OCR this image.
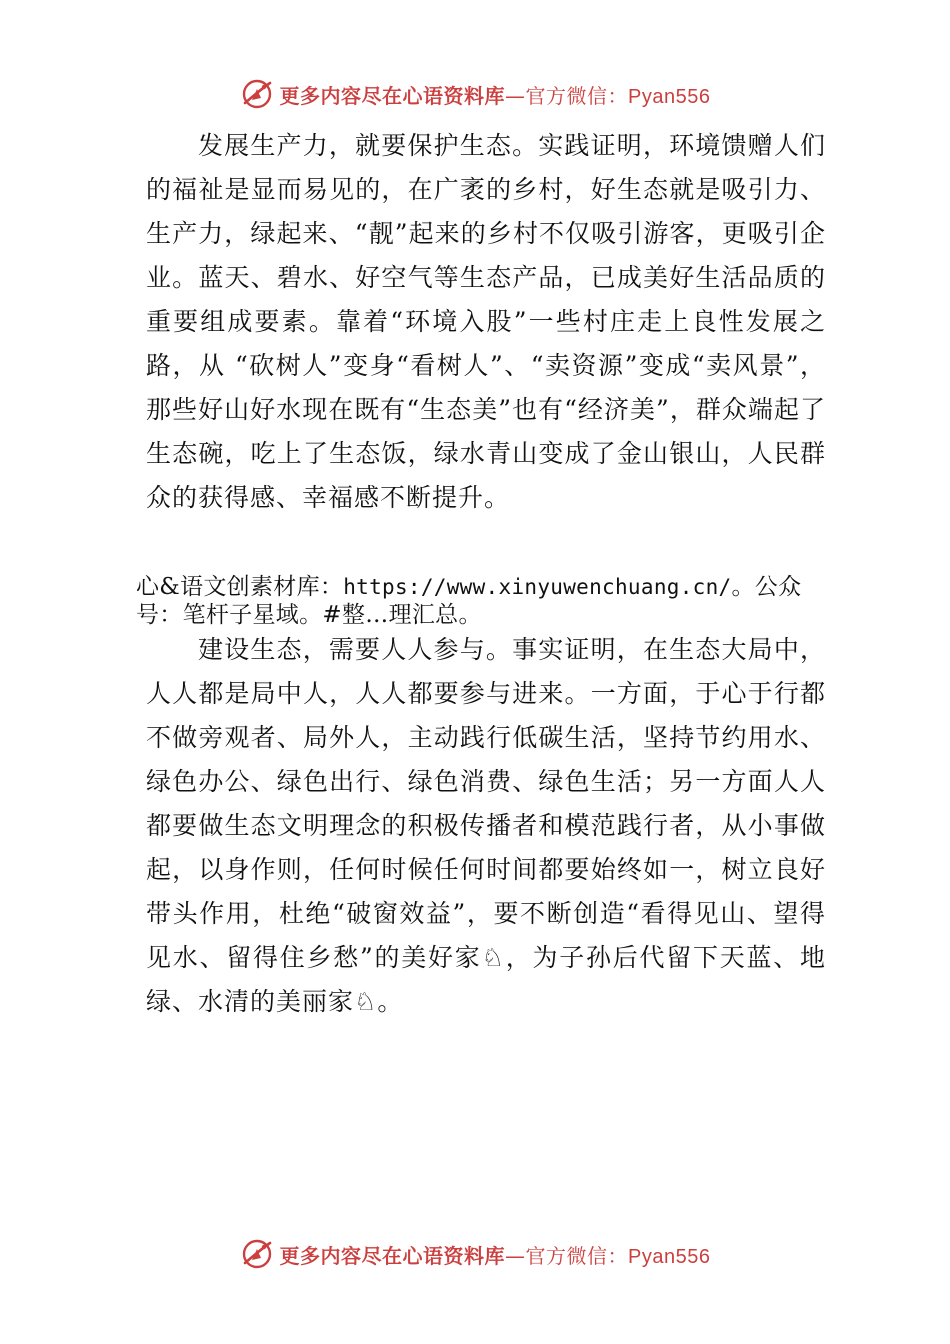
更多内容尽在心语资料库—官方微信：Pyan556

发展生产力，就要保护生态。实践证明，环境馈赠人们的福祉是显而易见的，在广袤的乡村，好生态就是吸引力、生产力，绿起来、“靓”起来的乡村不仅吸引游客，更吸引企业。蓝天、碧水、好空气等生态产品，已成美好生活品质的重要组成要素。靠着“环境入股”一些村庄走上良性发展之路，从 “砍树人”变身“看树人”、“卖资源”变成“卖风景”，那些好山好水现在既有“生态美”也有“经济美”，群众端起了生态碗，吃上了生态饭，绿水青山变成了金山银山，人民群众的获得感、幸福感不断提升。

心&语文创素材库：https://www.xinyuwenchuang.cn/。公众号：笔杆子星域。#整…理汇总。

建设生态，需要人人参与。事实证明，在生态大局中，人人都是局中人，人人都要参与进来。一方面，于心于行都不做旁观者、局外人，主动践行低碳生活，坚持节约用水、绿色办公、绿色出行、绿色消费、绿色生活；另一方面人人都要做生态文明理念的积极传播者和模范践行者，从小事做起，以身作则，任何时候任何时间都要始终如一，树立良好带头作用，杜绝“破窗效益”，要不断创造“看得见山、望得见水、留得住乡愁”的美好家♘，为子孙后代留下天蓝、地绿、水清的美丽家♘。

更多内容尽在心语资料库—官方微信：Pyan556
